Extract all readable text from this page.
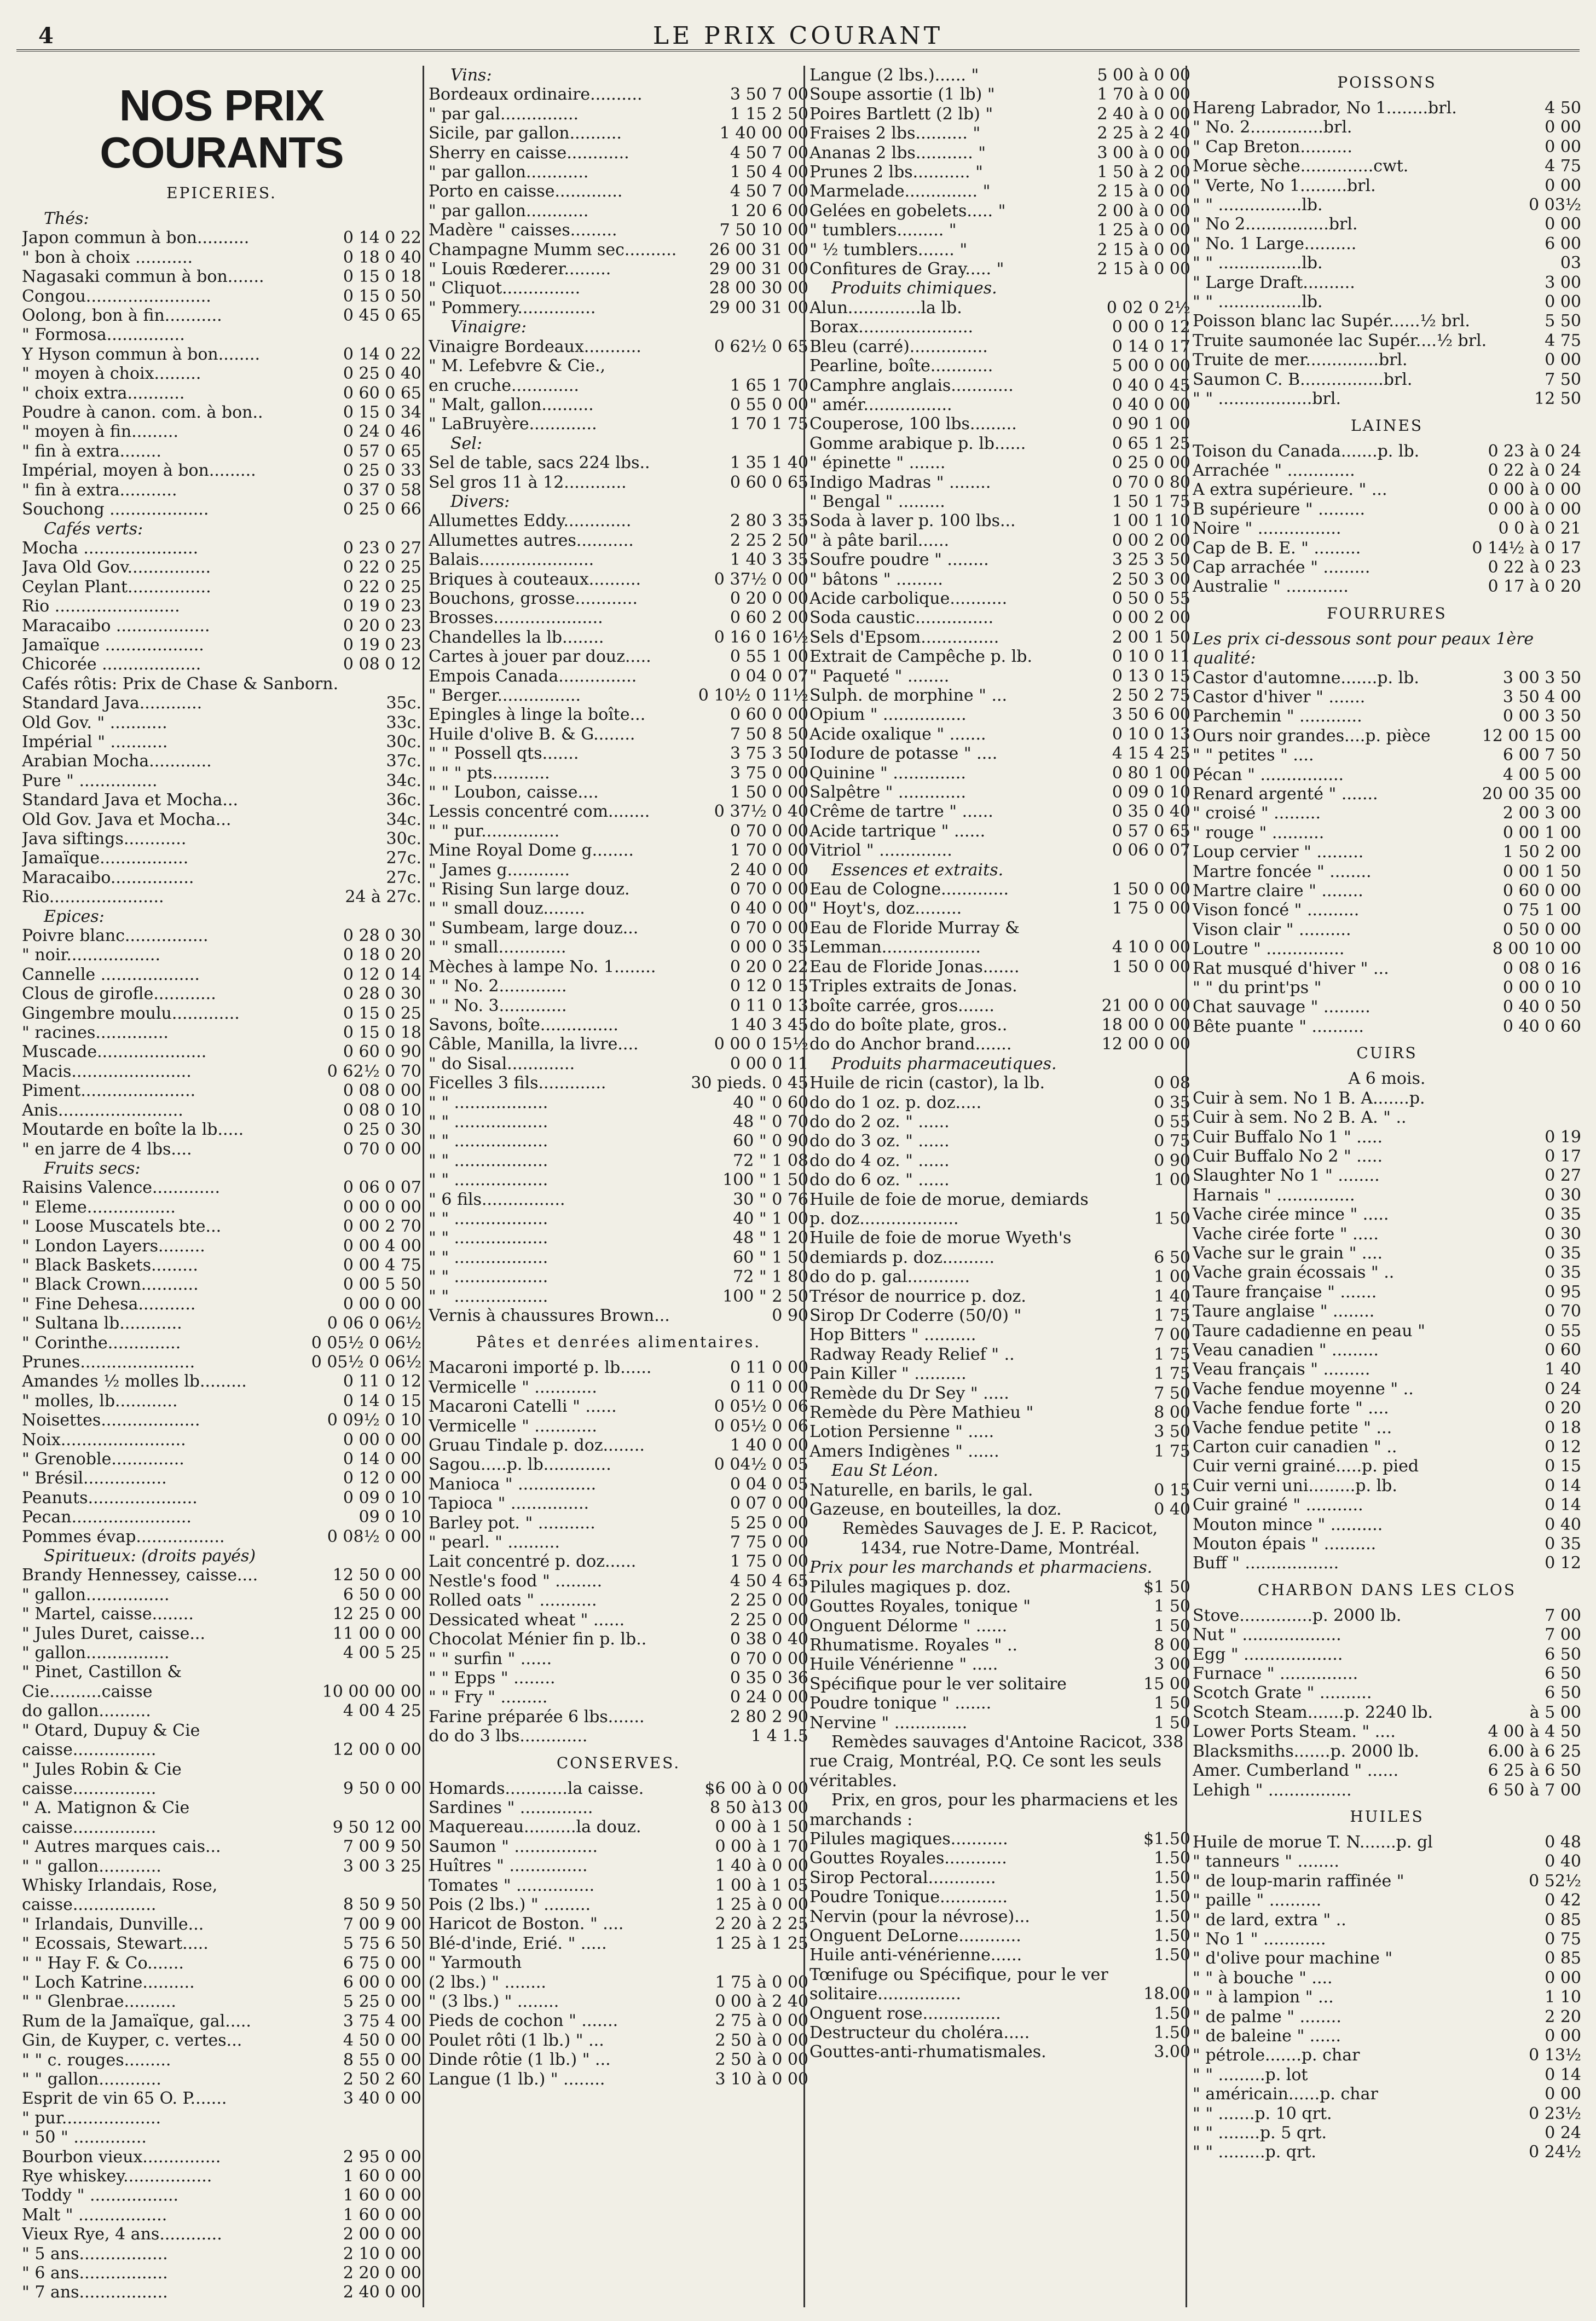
4	LE PRIX COURANT
NOS PRIX COURANTS
EPICERIES.
Thés:
Japon commun à bon..........	0 14 0 22
" bon à choix ...........	0 18 0 40
Nagasaki commun à bon.......	0 15 0 18
Congou........................	0 15 0 50
Oolong, bon à fin...........	0 45 0 65
" Formosa...............
Y Hyson commun à bon........	0 14 0 22
" moyen à choix.........	0 25 0 40
" choix extra...........	0 60 0 65
Poudre à canon. com. à bon..	0 15 0 34
" moyen à fin.........	0 24 0 46
" fin à extra........	0 57 0 65
Impérial, moyen à bon.........	0 25 0 33
" fin à extra...........	0 37 0 58
Souchong ...................	0 25 0 66
Cafés verts:
Mocha ......................	0 23 0 27
Java Old Gov................	0 22 0 25
Ceylan Plant................	0 22 0 25
Rio ........................	0 19 0 23
Maracaibo ..................	0 20 0 23
Jamaïque ...................	0 19 0 23
Chicorée ...................	0 08 0 12
Cafés rôtis: Prix de Chase & Sanborn.
Standard Java............	35c.
Old Gov. " ...........	33c.
Impérial " ...........	30c.
Arabian Mocha............	37c.
Pure " ...............	34c.
Standard Java et Mocha...	36c.
Old Gov. Java et Mocha...	34c.
Java siftings............	30c.
Jamaïque.................	27c.
Maracaibo................	27c.
Rio......................	24 à 27c.
Epices:
Poivre blanc................	0 28 0 30
" noir..................	0 18 0 20
Cannelle ...................	0 12 0 14
Clous de girofle............	0 28 0 30
Gingembre moulu.............	0 15 0 25
" racines..............	0 15 0 18
Muscade.....................	0 60 0 90
Macis.......................	0 62½ 0 70
Piment......................	0 08 0 00
Anis........................	0 08 0 10
Moutarde en boîte la lb.....	0 25 0 30
" en jarre de 4 lbs....	0 70 0 00
Fruits secs:
Raisins Valence.............	0 06 0 07
" Eleme.................	0 00 0 00
" Loose Muscatels bte...	0 00 2 70
" London Layers.........	0 00 4 00
" Black Baskets.........	0 00 4 75
" Black Crown...........	0 00 5 50
" Fine Dehesa...........	0 00 0 00
" Sultana lb............	0 06 0 06½
" Corinthe..............	0 05½ 0 06½
Prunes......................	0 05½ 0 06½
Amandes ½ molles lb.........	0 11 0 12
" molles, lb............	0 14 0 15
Noisettes...................	0 09½ 0 10
Noix........................	0 00 0 00
" Grenoble..............	0 14 0 00
" Brésil................	0 12 0 00
Peanuts.....................	0 09 0 10
Pecan.......................	09 0 10
Pommes évap.................	0 08½ 0 00
Spiritueux: (droits payés)
Brandy Hennessey, caisse....	12 50 0 00
" gallon................	6 50 0 00
" Martel, caisse........	12 25 0 00
" Jules Duret, caisse...	11 00 0 00
" gallon................	4 00 5 25
" Pinet, Castillon &
Cie..........caisse	10 00 00 00
do gallon..........	4 00 4 25
" Otard, Dupuy & Cie
caisse................	12 00 0 00
" Jules Robin & Cie
caisse................	9 50 0 00
" A. Matignon & Cie
caisse................	9 50 12 00
" Autres marques cais...	7 00 9 50
" " gallon............	3 00 3 25
Whisky Irlandais, Rose,
caisse................	8 50 9 50
" Irlandais, Dunville...	7 00 9 00
" Ecossais, Stewart.....	5 75 6 50
" " Hay F. & Co.......	6 75 0 00
" Loch Katrine..........	6 00 0 00
" " Glenbrae..........	5 25 0 00
Rum de la Jamaïque, gal.....	3 75 4 00
Gin, de Kuyper, c. vertes...	4 50 0 00
" " c. rouges.........	8 55 0 00
" " gallon............	2 50 2 60
Esprit de vin 65 O. P.......	3 40 0 00
" pur...................
" 50 " ..............
Bourbon vieux...............	2 95 0 00
Rye whiskey.................	1 60 0 00
Toddy " .................	1 60 0 00
Malt " .................	1 60 0 00
Vieux Rye, 4 ans............	2 00 0 00
" 5 ans.................	2 10 0 00
" 6 ans.................	2 20 0 00
" 7 ans.................	2 40 0 00
Vins:
Bordeaux ordinaire..........	3 50 7 00
" par gal...............	1 15 2 50
Sicile, par gallon..........	1 40 00 00
Sherry en caisse............	4 50 7 00
" par gallon............	1 50 4 00
Porto en caisse.............	4 50 7 00
" par gallon............	1 20 6 00
Madère " caisses.........	7 50 10 00
Champagne Mumm sec..........	26 00 31 00
" Louis Rœderer.........	29 00 31 00
" Cliquot...............	28 00 30 00
" Pommery...............	29 00 31 00
Vinaigre:
Vinaigre Bordeaux...........	0 62½ 0 65
" M. Lefebvre & Cie.,
en cruche.............	1 65 1 70
" Malt, gallon..........	0 55 0 00
" LaBruyère.............	1 70 1 75
Sel:
Sel de table, sacs 224 lbs..	1 35 1 40
Sel gros 11 à 12............	0 60 0 65
Divers:
Allumettes Eddy.............	2 80 3 35
Allumettes autres...........	2 25 2 50
Balais......................	1 40 3 35
Briques à couteaux..........	0 37½ 0 00
Bouchons, grosse............	0 20 0 00
Brosses.....................	0 60 2 00
Chandelles la lb........	0 16 0 16½
Cartes à jouer par douz.....	0 55 1 00
Empois Canada...............	0 04 0 07
" Berger................	0 10½ 0 11½
Epingles à linge la boîte...	0 60 0 00
Huile d'olive B. & G........	7 50 8 50
" " Possell qts.......	3 75 3 50
" " " pts...........	3 75 0 00
" " Loubon, caisse....	1 50 0 00
Lessis concentré com........	0 37½ 0 40
" " pur...............	0 70 0 00
Mine Royal Dome g........	1 70 0 00
" James g............	2 40 0 00
" Rising Sun large douz.	0 70 0 00
" " small douz........	0 40 0 00
" Sumbeam, large douz...	0 70 0 00
" " small.............	0 00 0 35
Mèches à lampe No. 1........	0 20 0 22
" " No. 2.............	0 12 0 15
" " No. 3.............	0 11 0 13
Savons, boîte...............	1 40 3 45
Câble, Manilla, la livre....	0 00 0 15½
" do Sisal.............	0 00 0 11
Ficelles 3 fils.............	30 pieds. 0 45
" " ..................	40 " 0 60
" " ..................	48 " 0 70
" " ..................	60 " 0 90
" " ..................	72 " 1 08
" " ..................	100 " 1 50
" 6 fils................	30 " 0 76
" " ..................	40 " 1 00
" " ..................	48 " 1 20
" " ..................	60 " 1 50
" " ..................	72 " 1 80
" " ..................	100 " 2 50
Vernis à chaussures Brown...	0 90
Pâtes et denrées alimentaires.
Macaroni importé p. lb......	0 11 0 00
Vermicelle " ............	0 11 0 00
Macaroni Catelli " ......	0 05½ 0 06
Vermicelle " ............	0 05½ 0 06
Gruau Tindale p. doz........	1 40 0 00
Sagou.....p. lb.............	0 04½ 0 05
Manioca " ...............	0 04 0 05
Tapioca " ...............	0 07 0 00
Barley pot. " ...........	5 25 0 00
" pearl. " ..........	7 75 0 00
Lait concentré p. doz......	1 75 0 00
Nestle's food " .........	4 50 4 65
Rolled oats " ...........	2 25 0 00
Dessicated wheat " ......	2 25 0 00
Chocolat Ménier fin p. lb..	0 38 0 40
" " surfin " ......	0 70 0 00
" " Epps " ........	0 35 0 36
" " Fry " .........	0 24 0 00
Farine préparée 6 lbs.......	2 80 2 90
do do 3 lbs.............	1 4 1.5
CONSERVES.
Homards............la caisse.	$6 00 à 0 00
Sardines " ..............	8 50 à13 00
Maquereau..........la douz.	0 00 à 1 50
Saumon " ................	0 00 à 1 70
Huîtres " ...............	1 40 à 0 00
Tomates " ...............	1 00 à 1 05
Pois (2 lbs.) " .........	1 25 à 0 00
Haricot de Boston. " ....	2 20 à 2 25
Blé-d'inde, Erié. " .....	1 25 à 1 25
" Yarmouth
(2 lbs.) " ........	1 75 à 0 00
" (3 lbs.) " ........	0 00 à 2 40
Pieds de cochon " .......	2 75 à 0 00
Poulet rôti (1 lb.) " ...	2 50 à 0 00
Dinde rôtie (1 lb.) " ...	2 50 à 0 00
Langue (1 lb.) " ........	3 10 à 0 00
Langue (2 lbs.)...... "	5 00 à 0 00
Soupe assortie (1 lb) "	1 70 à 0 00
Poires Bartlett (2 lb) "	2 40 à 0 00
Fraises 2 lbs.......... "	2 25 à 2 40
Ananas 2 lbs........... "	3 00 à 0 00
Prunes 2 lbs........... "	1 50 à 2 00
Marmelade.............. "	2 15 à 0 00
Gelées en gobelets..... "	2 00 à 0 00
" tumblers......... "	1 25 à 0 00
" ½ tumblers....... "	2 15 à 0 00
Confitures de Gray..... "	2 15 à 0 00
Produits chimiques.
Alun..............la lb.	0 02 0 2½
Borax......................	0 00 0 12
Bleu (carré)...............	0 14 0 17
Pearline, boîte............	5 00 0 00
Camphre anglais............	0 40 0 45
" amér.................	0 40 0 00
Couperose, 100 lbs.........	0 90 1 00
Gomme arabique p. lb......	0 65 1 25
" épinette " .......	0 25 0 00
Indigo Madras " ........	0 70 0 80
" Bengal " .........	1 50 1 75
Soda à laver p. 100 lbs...	1 00 1 10
" à pâte baril......	0 00 2 00
Soufre poudre " ........	3 25 3 50
" bâtons " .........	2 50 3 00
Acide carbolique...........	0 50 0 55
Soda caustic...............	0 00 2 00
Sels d'Epsom...............	2 00 1 50
Extrait de Campêche p. lb.	0 10 0 11
" Paqueté " ........	0 13 0 15
Sulph. de morphine " ...	2 50 2 75
Opium " ................	3 50 6 00
Acide oxalique " .......	0 10 0 13
Iodure de potasse " ....	4 15 4 25
Quinine " ..............	0 80 1 00
Salpêtre " .............	0 09 0 10
Crême de tartre " ......	0 35 0 40
Acide tartrique " ......	0 57 0 65
Vitriol " ..............	0 06 0 07
Essences et extraits.
Eau de Cologne.............	1 50 0 00
" Hoyt's, doz.........	1 75 0 00
Eau de Floride Murray &
Lemman...................	4 10 0 00
Eau de Floride Jonas.......	1 50 0 00
Triples extraits de Jonas.
boîte carrée, gros.......	21 00 0 00
do do boîte plate, gros..	18 00 0 00
do do Anchor brand.......	12 00 0 00
Produits pharmaceutiques.
Huile de ricin (castor), la lb.	0 08
do do 1 oz. p. doz.....	0 35
do do 2 oz. " ......	0 55
do do 3 oz. " ......	0 75
do do 4 oz. " ......	0 90
do do 6 oz. " ......	1 00
Huile de foie de morue, demiards
p. doz...................	1 50
Huile de foie de morue Wyeth's
demiards p. doz..........	6 50
do do p. gal............	1 00
Trésor de nourrice p. doz.	1 40
Sirop Dr Coderre (50/0) "	1 75
Hop Bitters " ..........	7 00
Radway Ready Relief " ..	1 75
Pain Killer " ..........	1 75
Remède du Dr Sey " .....	7 50
Remède du Père Mathieu "	8 00
Lotion Persienne " .....	3 50
Amers Indigènes " ......	1 75
Eau St Léon.
Naturelle, en barils, le gal.	0 15
Gazeuse, en bouteilles, la doz.	0 40
Remèdes Sauvages de J. E. P. Racicot,
1434, rue Notre-Dame, Montréal.
Prix pour les marchands et pharmaciens.
Pilules magiques p. doz.	$1 50
Gouttes Royales, tonique "	1 50
Onguent Délorme " ......	1 50
Rhumatisme. Royales " ..	8 00
Huile Vénérienne " .....	3 00
Spécifique pour le ver solitaire	15 00
Poudre tonique " .......	1 50
Nervine " ..............	1 50
Remèdes sauvages d'Antoine Racicot, 338 rue Craig, Montréal, P.Q. Ce sont les seuls véritables.
Prix, en gros, pour les pharmaciens et les marchands :
Pilules magiques...........	$1.50
Gouttes Royales............	1.50
Sirop Pectoral.............	1.50
Poudre Tonique.............	1.50
Nervin (pour la névrose)...	1.50
Onguent DeLorne............	1.50
Huile anti-vénérienne......	1.50
Tœnifuge ou Spécifique, pour le ver
solitaire................	18.00
Onguent rose...............	1.50
Destructeur du choléra.....	1.50
Gouttes-anti-rhumatismales.	3.00
POISSONS
Hareng Labrador, No 1........brl.	4 50
" No. 2..............brl.	0 00
" Cap Breton..........	0 00
Morue sèche..............cwt.	4 75
" Verte, No 1.........brl.	0 00
" " ................lb.	0 03½
" No 2................brl.	0 00
" No. 1 Large..........	6 00
" " ................lb.	03
" Large Draft..........	3 00
" " ................lb.	0 00
Poisson blanc lac Supér......½ brl.	5 50
Truite saumonée lac Supér....½ brl.	4 75
Truite de mer..............brl.	0 00
Saumon C. B................brl.	7 50
" " ..................brl.	12 50
LAINES
Toison du Canada.......p. lb.	0 23 à 0 24
Arrachée " .............	0 22 à 0 24
A extra supérieure. " ...	0 00 à 0 00
B supérieure " .........	0 00 à 0 00
Noire " ................	0 0 à 0 21
Cap de B. E. " .........	0 14½ à 0 17
Cap arrachée " .........	0 22 à 0 23
Australie " ............	0 17 à 0 20
FOURRURES
Les prix ci-dessous sont pour peaux 1ère qualité:
Castor d'automne.......p. lb.	3 00 3 50
Castor d'hiver " .......	3 50 4 00
Parchemin " ............	0 00 3 50
Ours noir grandes....p. pièce	12 00 15 00
" " petites " ....	6 00 7 50
Pécan " ................	4 00 5 00
Renard argenté " .......	20 00 35 00
" croisé " .........	2 00 3 00
" rouge " ..........	0 00 1 00
Loup cervier " .........	1 50 2 00
Martre foncée " ........	0 00 1 50
Martre claire " ........	0 60 0 00
Vison foncé " ..........	0 75 1 00
Vison clair " ..........	0 50 0 00
Loutre " ...............	8 00 10 00
Rat musqué d'hiver " ...	0 08 0 16
" " du print'ps "	0 00 0 10
Chat sauvage " .........	0 40 0 50
Bête puante " ..........	0 40 0 60
CUIRS
A 6 mois.
Cuir à sem. No 1 B. A.......p.
Cuir à sem. No 2 B. A. " ..
Cuir Buffalo No 1 " .....	0 19
Cuir Buffalo No 2 " .....	0 17
Slaughter No 1 " ........	0 27
Harnais " ...............	0 30
Vache cirée mince " .....	0 35
Vache cirée forte " .....	0 30
Vache sur le grain " ....	0 35
Vache grain écossais " ..	0 35
Taure française " .......	0 95
Taure anglaise " ........	0 70
Taure cadadienne en peau "	0 55
Veau canadien " .........	0 60
Veau français " .........	1 40
Vache fendue moyenne " ..	0 24
Vache fendue forte " ....	0 20
Vache fendue petite " ...	0 18
Carton cuir canadien " ..	0 12
Cuir verni grainé.....p. pied	0 15
Cuir verni uni.........p. lb.	0 14
Cuir grainé " ...........	0 14
Mouton mince " ..........	0 40
Mouton épais " ..........	0 35
Buff " ..................	0 12
CHARBON DANS LES CLOS
Stove..............p. 2000 lb.	7 00
Nut " ...................	7 00
Egg " ...................	6 50
Furnace " ...............	6 50
Scotch Grate " ..........	6 50
Scotch Steam.......p. 2240 lb.	à 5 00
Lower Ports Steam. " ....	4 00 à 4 50
Blacksmiths.......p. 2000 lb.	6.00 à 6 25
Amer. Cumberland " ......	6 25 à 6 50
Lehigh " ................	6 50 à 7 00
HUILES
Huile de morue T. N.......p. gl	0 48
" tanneurs " ........	0 40
" de loup-marin raffinée "	0 52½
" paille " ..........	0 42
" de lard, extra " ..	0 85
" No 1 " ............	0 75
" d'olive pour machine "	0 85
" " à bouche " ....	0 00
" " à lampion " ...	1 10
" de palme " ........	2 20
" de baleine " ......	0 00
" pétrole.......p. char	0 13½
" " .........p. lot	0 14
" américain......p. char	0 00
" " .......p. 10 qrt.	0 23½
" " ........p. 5 qrt.	0 24
" " .........p. qrt.	0 24½
